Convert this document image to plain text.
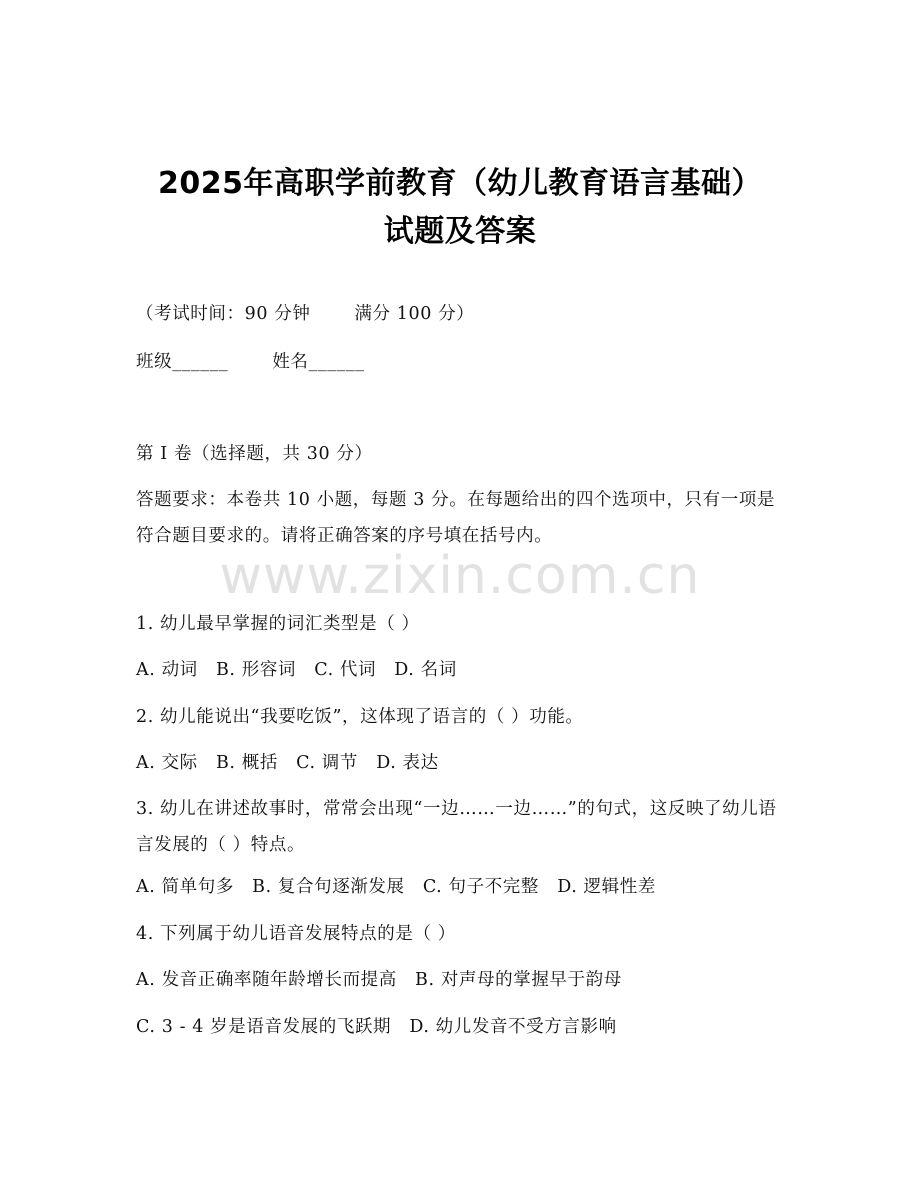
2025年高职学前教育（幼儿教育语言基础）
试题及答案
（考试时间：90 分钟	满分 100 分）
班级______	姓名______
第 I 卷（选择题，共 30 分）
答题要求：本卷共 10 小题，每题 3 分。在每题给出的四个选项中，只有一项是符合题目要求的。请将正确答案的序号填在括号内。
www.zixin.com.cn
1. 幼儿最早掌握的词汇类型是（ ）
A. 动词 B. 形容词 C. 代词 D. 名词
2. 幼儿能说出“我要吃饭”，这体现了语言的（ ）功能。
A. 交际 B. 概括 C. 调节 D. 表达
3. 幼儿在讲述故事时，常常会出现“一边……一边……”的句式，这反映了幼儿语言发展的（ ）特点。
A. 简单句多 B. 复合句逐渐发展 C. 句子不完整 D. 逻辑性差
4. 下列属于幼儿语音发展特点的是（ ）
A. 发音正确率随年龄增长而提高 B. 对声母的掌握早于韵母
C. 3 - 4 岁是语音发展的飞跃期 D. 幼儿发音不受方言影响
